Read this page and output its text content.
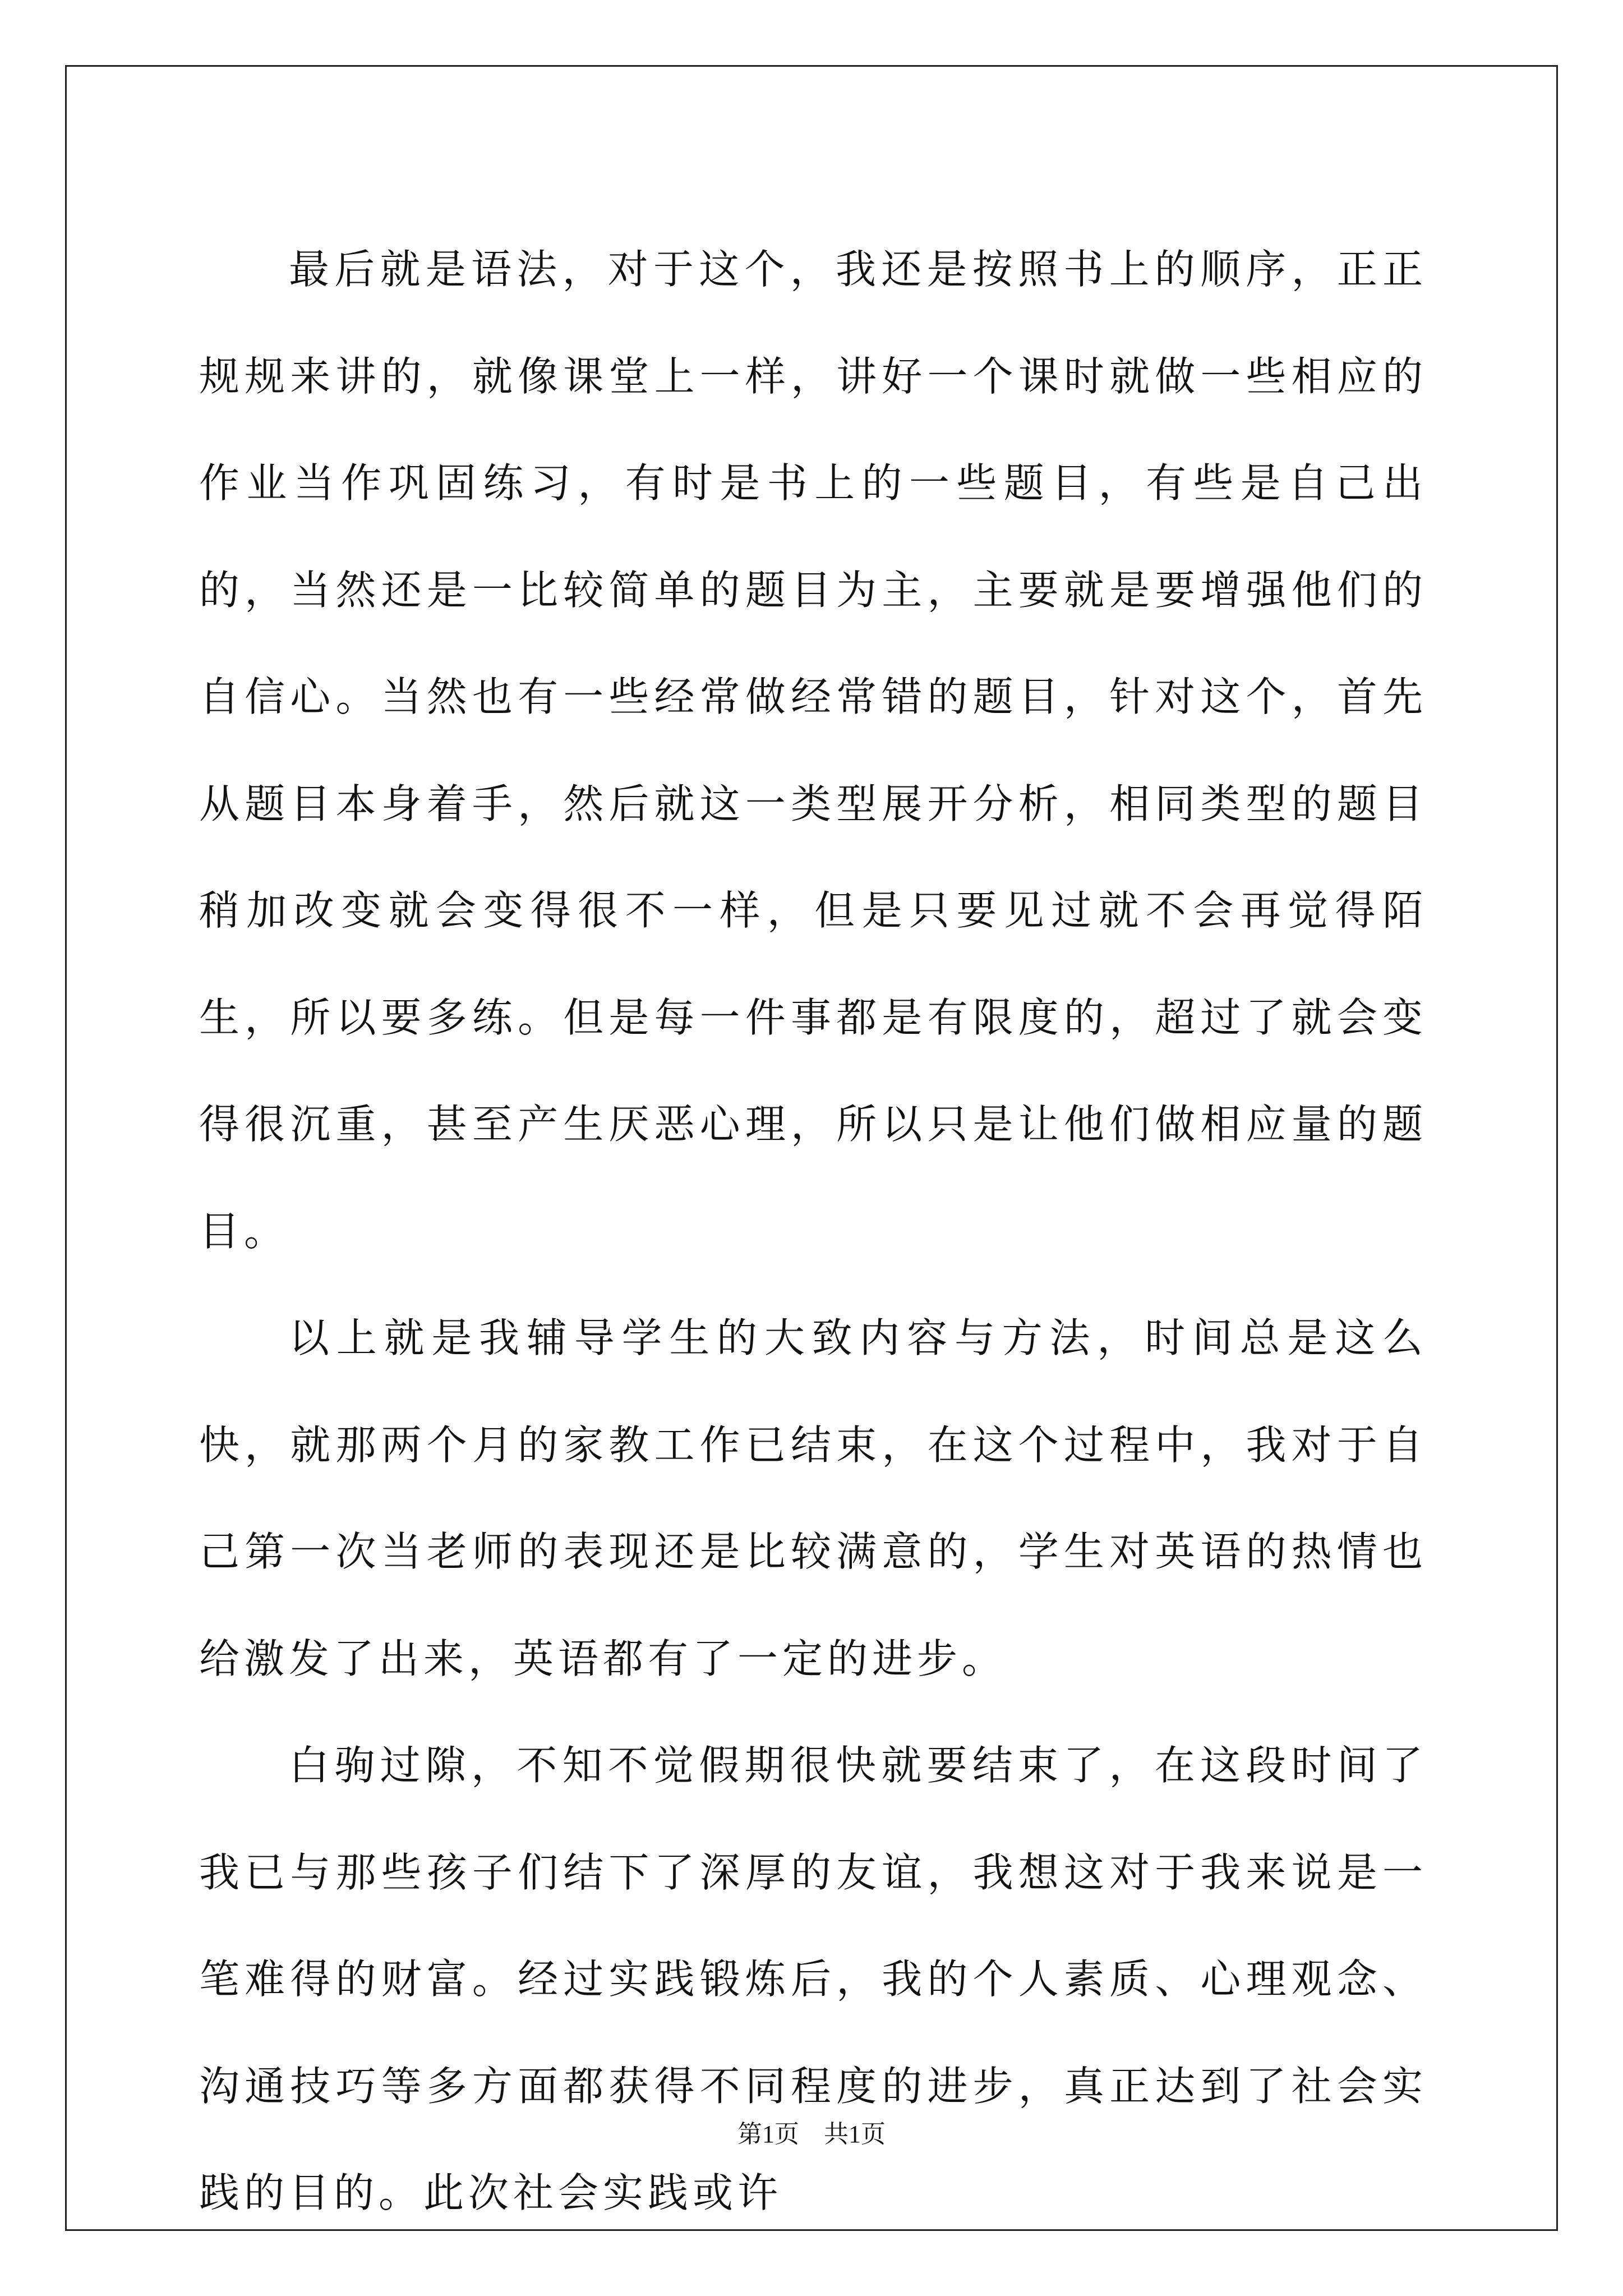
最后就是语法，对于这个，我还是按照书上的顺序，正正规规来讲的，就像课堂上一样，讲好一个课时就做一些相应的作业当作巩固练习，有时是书上的一些题目，有些是自己出的，当然还是一比较简单的题目为主，主要就是要增强他们的自信心。当然也有一些经常做经常错的题目，针对这个，首先从题目本身着手，然后就这一类型展开分析，相同类型的题目稍加改变就会变得很不一样，但是只要见过就不会再觉得陌生，所以要多练。但是每一件事都是有限度的，超过了就会变得很沉重，甚至产生厌恶心理，所以只是让他们做相应量的题目。

以上就是我辅导学生的大致内容与方法，时间总是这么快，就那两个月的家教工作已结束，在这个过程中，我对于自己第一次当老师的表现还是比较满意的，学生对英语的热情也给激发了出来，英语都有了一定的进步。

白驹过隙，不知不觉假期很快就要结束了，在这段时间了我已与那些孩子们结下了深厚的友谊，我想这对于我来说是一笔难得的财富。经过实践锻炼后，我的个人素质、心理观念、沟通技巧等多方面都获得不同程度的进步，真正达到了社会实践的目的。此次社会实践或许

第1页　共1页
